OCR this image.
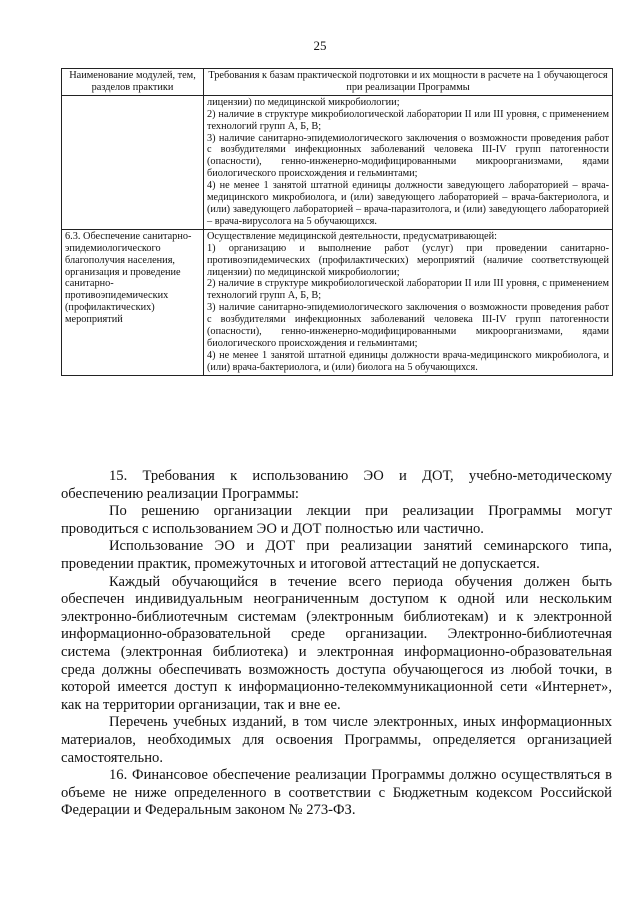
25
Наименование модулей, тем, разделов практики	Требования к базам практической подготовки и их мощности в расчете на 1 обучающегося при реализации Программы

	лицензии) по медицинской микробиологии;

2) наличие в структуре микробиологической лаборатории II или III уровня, с применением технологий групп А, Б, В;

3) наличие санитарно-эпидемиологического заключения о возможности проведения работ с возбудителями инфекционных заболеваний человека III-IV групп патогенности (опасности), генно-инженерно-модифицированными микроорганизмами, ядами биологического происхождения и гельминтами;

4) не менее 1 занятой штатной единицы должности заведующего лабораторией – врача-медицинского микробиолога, и (или) заведующего лабораторией – врача-бактериолога, и (или) заведующего лабораторией – врача-паразитолога, и (или) заведующего лабораторией – врача-вирусолога на 5 обучающихся.

6.3. Обеспечение санитарно-эпидемиологического благополучия населения, организация и проведение санитарно-противоэпидемических (профилактических) мероприятий	Осуществление медицинской деятельности, предусматривающей:

1) организацию и выполнение работ (услуг) при проведении санитарно-противоэпидемических (профилактических) мероприятий (наличие соответствующей лицензии) по медицинской микробиологии;

2) наличие в структуре микробиологической лаборатории II или III уровня, с применением технологий групп А, Б, В;

3) наличие санитарно-эпидемиологического заключения о возможности проведения работ с возбудителями инфекционных заболеваний человека III-IV групп патогенности (опасности), генно-инженерно-модифицированными микроорганизмами, ядами биологического происхождения и гельминтами;

4) не менее 1 занятой штатной единицы должности врача-медицинского микробиолога, и (или) врача-бактериолога, и (или) биолога на 5 обучающихся.

15. Требования к использованию ЭО и ДОТ, учебно-методическому обеспечению реализации Программы:

По решению организации лекции при реализации Программы могут проводиться с использованием ЭО и ДОТ полностью или частично.

Использование ЭО и ДОТ при реализации занятий семинарского типа, проведении практик, промежуточных и итоговой аттестаций не допускается.

Каждый обучающийся в течение всего периода обучения должен быть обеспечен индивидуальным неограниченным доступом к одной или нескольким электронно-библиотечным системам (электронным библиотекам) и к электронной информационно-образовательной среде организации. Электронно-библиотечная система (электронная библиотека) и электронная информационно-образовательная среда должны обеспечивать возможность доступа обучающегося из любой точки, в которой имеется доступ к информационно-телекоммуникационной сети «Интернет», как на территории организации, так и вне ее.

Перечень учебных изданий, в том числе электронных, иных информационных материалов, необходимых для освоения Программы, определяется организацией самостоятельно.

16. Финансовое обеспечение реализации Программы должно осуществляться в объеме не ниже определенного в соответствии с Бюджетным кодексом Российской Федерации и Федеральным законом № 273-ФЗ.
